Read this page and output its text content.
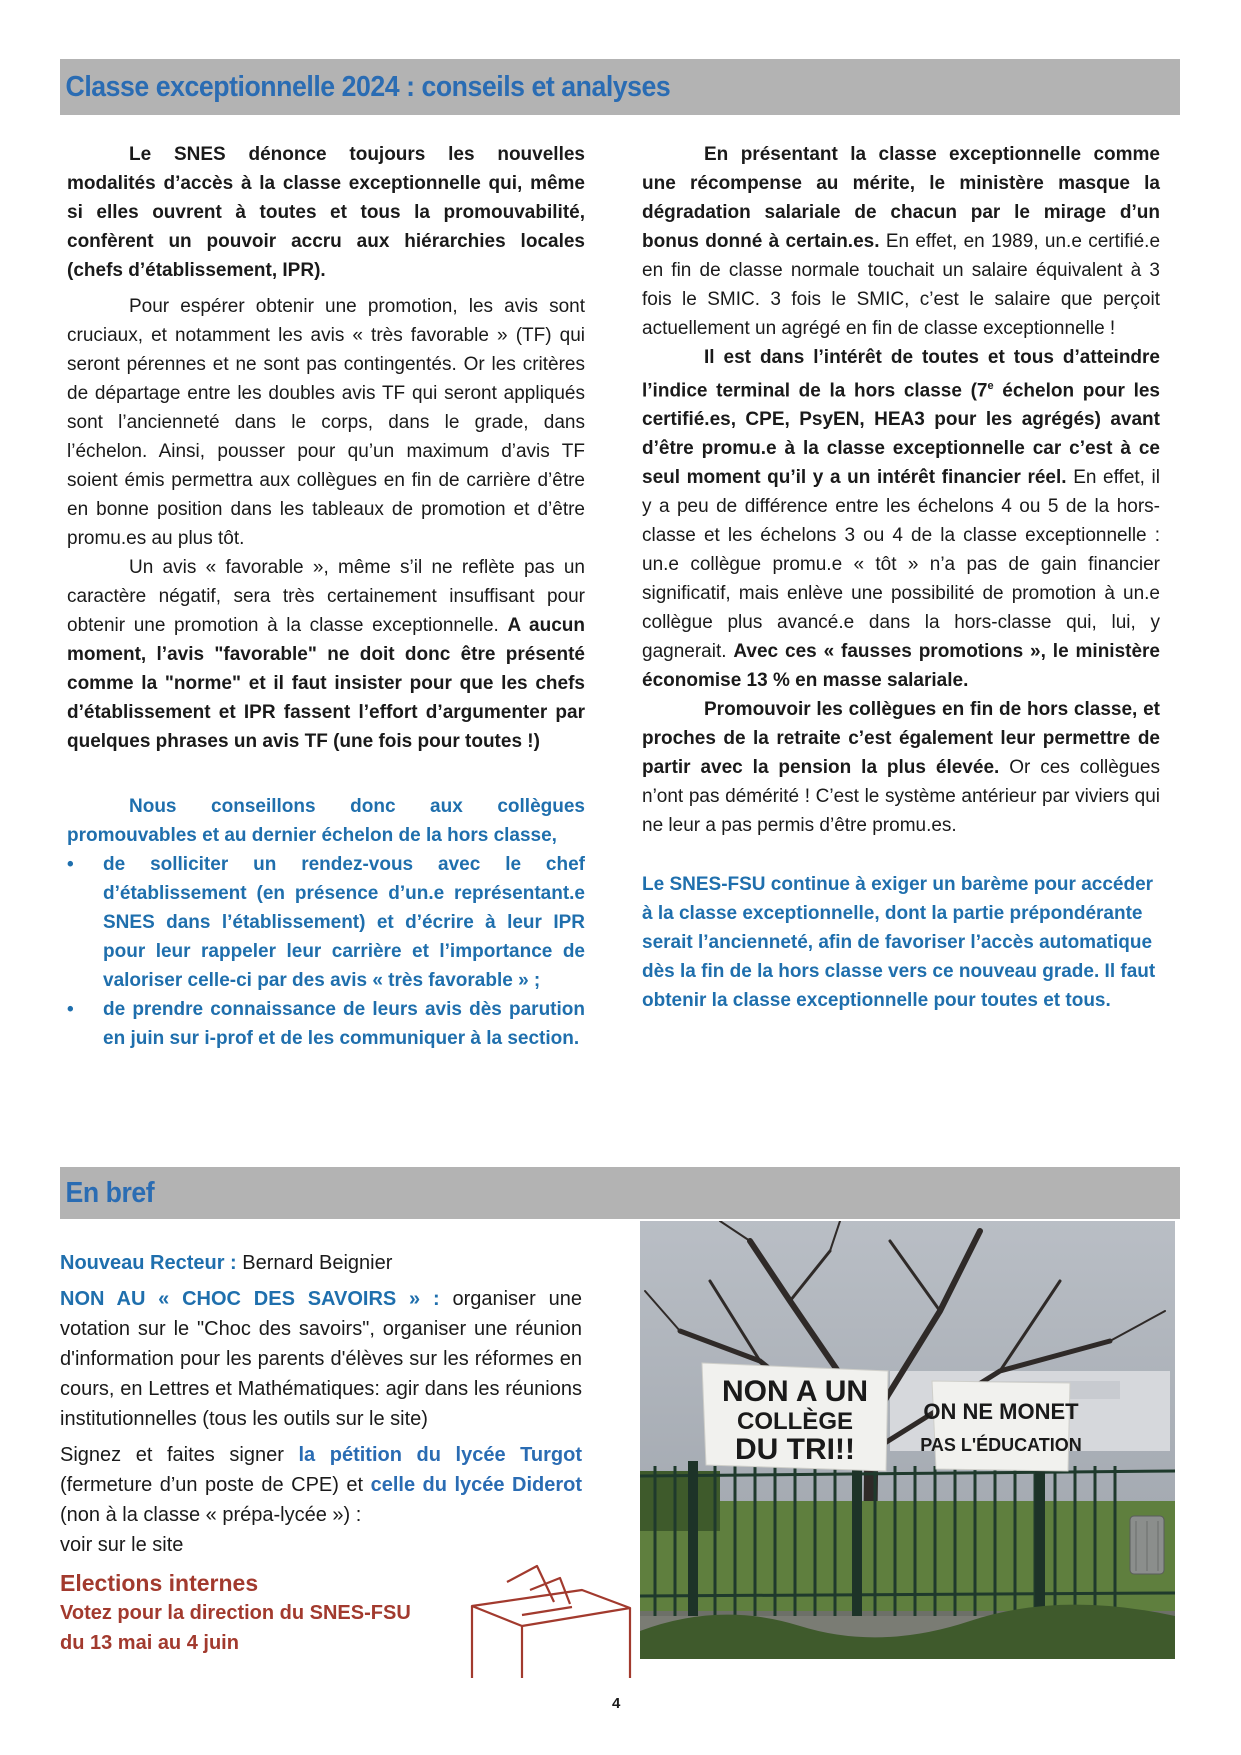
Classe exceptionnelle 2024 : conseils et analyses

Le SNES dénonce toujours les nouvelles modalités d’accès à la classe exceptionnelle qui, même si elles ouvrent à toutes et tous la promouvabilité, confèrent un pouvoir accru aux hiérarchies locales (chefs d’établissement, IPR).

Pour espérer obtenir une promotion, les avis sont cruciaux, et notamment les avis « très favorable » (TF) qui seront pérennes et ne sont pas contingentés. Or les critères de départage entre les doubles avis TF qui seront appliqués sont l’ancienneté dans le corps, dans le grade, dans l’échelon. Ainsi, pousser pour qu’un maximum d’avis TF soient émis permettra aux collègues en fin de carrière d’être en bonne position dans les tableaux de promotion et d’être promu.es au plus tôt.

Un avis « favorable », même s’il ne reflète pas un caractère négatif, sera très certainement insuffisant pour obtenir une promotion à la classe exceptionnelle. A aucun moment, l’avis "favorable" ne doit donc être présenté comme la "norme" et il faut insister pour que les chefs d’établissement et IPR fassent l’effort d’argumenter par quelques phrases un avis TF (une fois pour toutes !)

Nous conseillons donc aux collègues promouvables et au dernier échelon de la hors classe,

•	de solliciter un rendez-vous avec le chef d’établissement (en présence d’un.e représentant.e SNES dans l’établissement) et d’écrire à leur IPR pour leur rappeler leur carrière et l’importance de valoriser celle-ci par des avis « très favorable » ;
•	de prendre connaissance de leurs avis dès parution en juin sur i-prof et de les communiquer à la section.

En présentant la classe exceptionnelle comme une récompense au mérite, le ministère masque la dégradation salariale de chacun par le mirage d’un bonus donné à certain.es. En effet, en 1989, un.e certifié.e en fin de classe normale touchait un salaire équivalent à 3 fois le SMIC. 3 fois le SMIC, c’est le salaire que perçoit actuellement un agrégé en fin de classe exceptionnelle !

Il est dans l’intérêt de toutes et tous d’atteindre l’indice terminal de la hors classe (7e échelon pour les certifié.es, CPE, PsyEN, HEA3 pour les agrégés) avant d’être promu.e à la classe exceptionnelle car c’est à ce seul moment qu’il y a un intérêt financier réel. En effet, il y a peu de différence entre les échelons 4 ou 5 de la hors-classe et les échelons 3 ou 4 de la classe exceptionnelle : un.e collègue promu.e « tôt » n’a pas de gain financier significatif, mais enlève une possibilité de promotion à un.e collègue plus avancé.e dans la hors-classe qui, lui, y gagnerait. Avec ces « fausses promotions », le ministère économise 13 % en masse salariale.

Promouvoir les collègues en fin de hors classe, et proches de la retraite c’est également leur permettre de partir avec la pension la plus élevée. Or ces collègues n’ont pas démérité ! C’est le système antérieur par viviers qui ne leur a pas permis d’être promu.es.

Le SNES-FSU continue à exiger un barème pour accéder à la classe exceptionnelle, dont la partie prépondérante serait l’ancienneté, afin de favoriser l’accès automatique dès la fin de la hors classe vers ce nouveau grade. Il faut obtenir la classe exceptionnelle pour toutes et tous.

En bref

Nouveau Recteur : Bernard Beignier

NON AU « CHOC DES SAVOIRS » : organiser une votation sur le "Choc des savoirs", organiser une réunion d'information pour les parents d'élèves sur les réformes en cours, en Lettres et Mathématiques: agir dans les réunions institutionnelles (tous les outils sur le site)

Signez et faites signer la pétition du lycée Turgot (fermeture d’un poste de CPE) et celle du lycée Diderot (non à la classe « prépa-lycée ») :

voir sur le site

Elections internes

Votez pour la direction du SNES-FSU

du 13 mai au 4 juin

NON A UN
COLLÈGE
DU TRI!!
ON NE MONET
PAS L'ÉDUCATION
4
